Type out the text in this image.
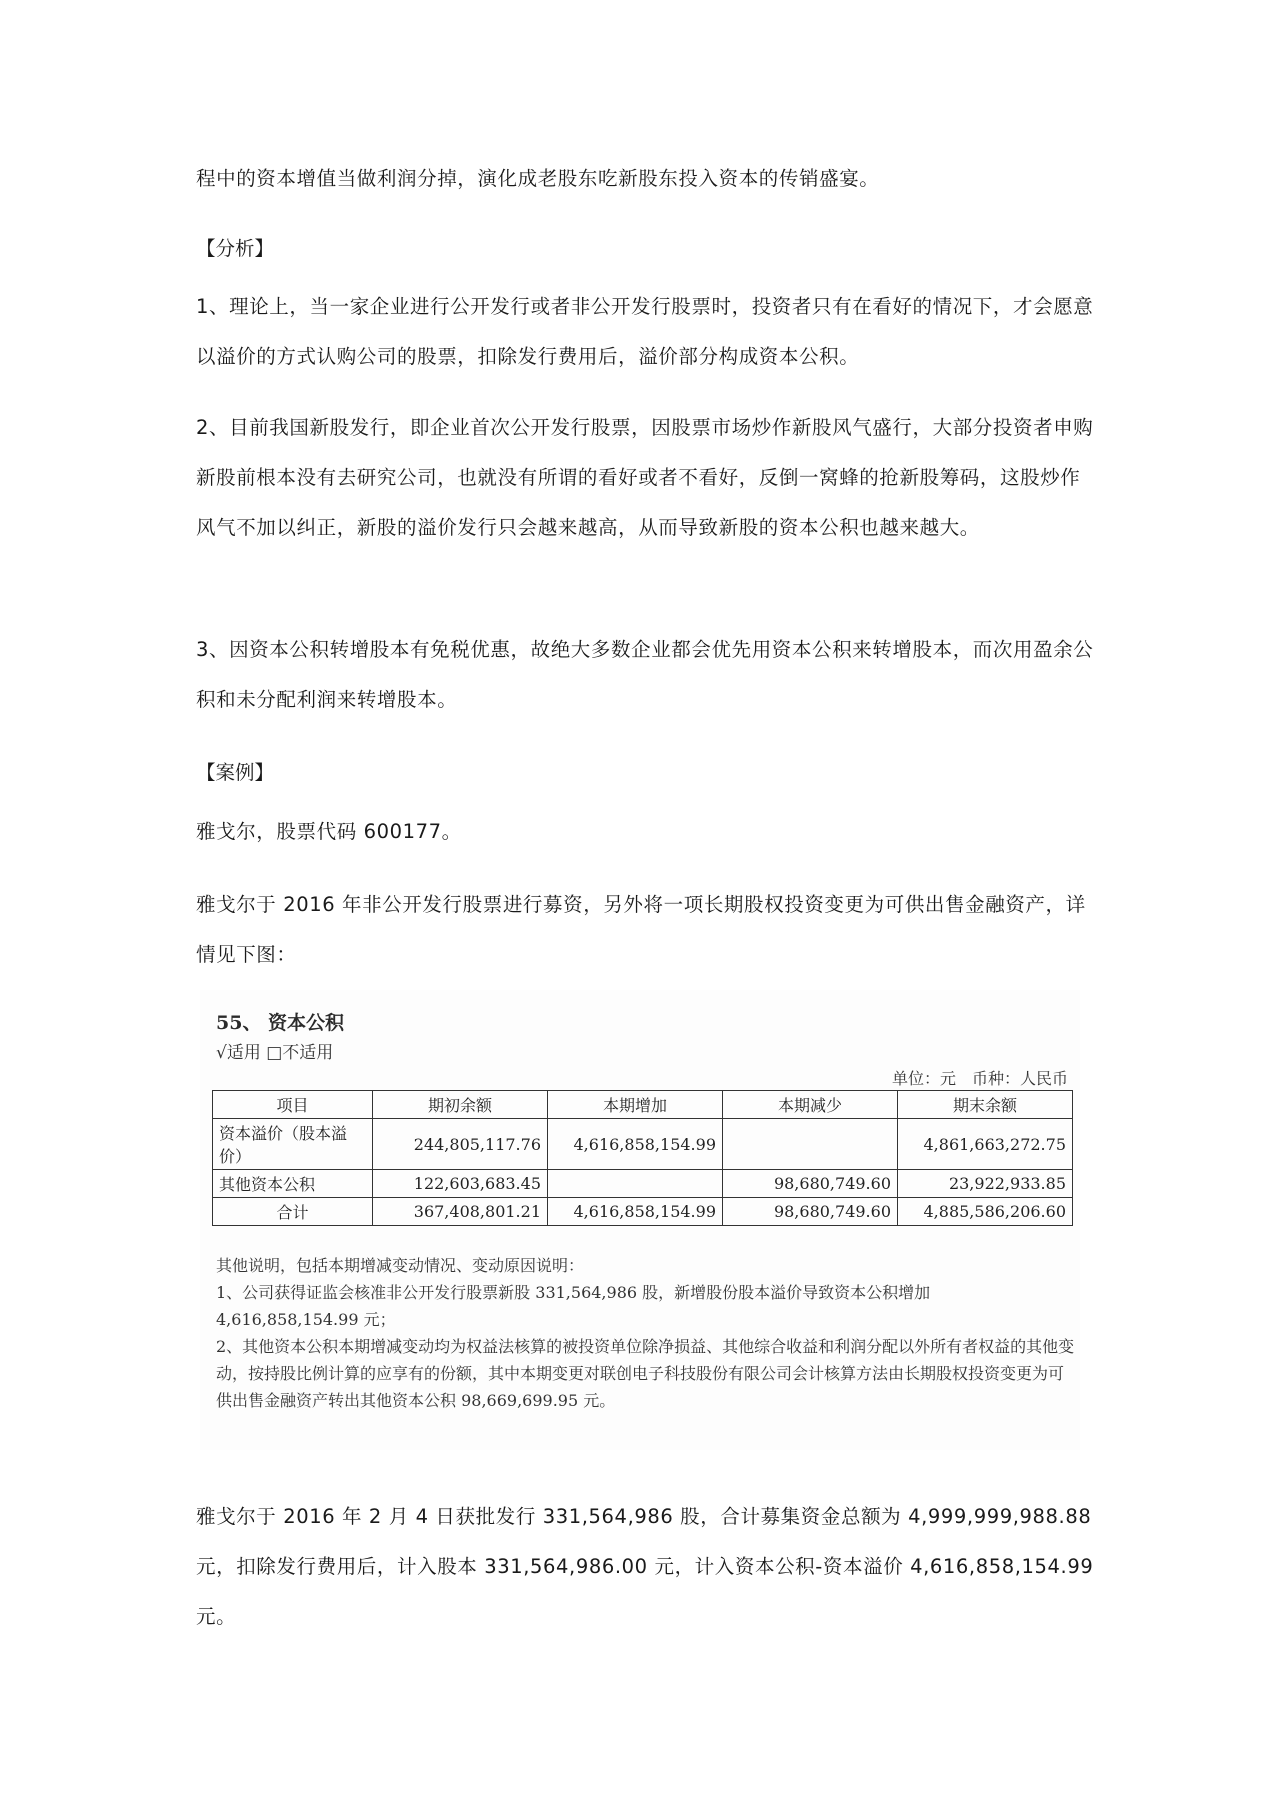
程中的资本增值当做利润分掉，演化成老股东吃新股东投入资本的传销盛宴。

【分析】

1、理论上，当一家企业进行公开发行或者非公开发行股票时，投资者只有在看好的情况下，才会愿意以溢价的方式认购公司的股票，扣除发行费用后，溢价部分构成资本公积。

2、目前我国新股发行，即企业首次公开发行股票，因股票市场炒作新股风气盛行，大部分投资者申购新股前根本没有去研究公司，也就没有所谓的看好或者不看好，反倒一窝蜂的抢新股筹码，这股炒作风气不加以纠正，新股的溢价发行只会越来越高，从而导致新股的资本公积也越来越大。

3、因资本公积转增股本有免税优惠，故绝大多数企业都会优先用资本公积来转增股本，而次用盈余公积和未分配利润来转增股本。

【案例】

雅戈尔，股票代码 600177。

雅戈尔于 2016 年非公开发行股票进行募资，另外将一项长期股权投资变更为可供出售金融资产，详情见下图：

55、 资本公积
√适用 □不适用
单位：元　币种：人民币
项目	期初余额	本期增加	本期减少	期末余额
资本溢价（股本溢价）	244,805,117.76	4,616,858,154.99		4,861,663,272.75
其他资本公积	122,603,683.45		98,680,749.60	23,922,933.85
合计	367,408,801.21	4,616,858,154.99	98,680,749.60	4,885,586,206.60
其他说明，包括本期增减变动情况、变动原因说明：
1、公司获得证监会核准非公开发行股票新股 331,564,986 股，新增股份股本溢价导致资本公积增加 4,616,858,154.99 元；
2、其他资本公积本期增减变动均为权益法核算的被投资单位除净损益、其他综合收益和利润分配以外所有者权益的其他变动，按持股比例计算的应享有的份额，其中本期变更对联创电子科技股份有限公司会计核算方法由长期股权投资变更为可供出售金融资产转出其他资本公积 98,669,699.95 元。

雅戈尔于 2016 年 2 月 4 日获批发行 331,564,986 股，合计募集资金总额为 4,999,999,988.88 元，扣除发行费用后，计入股本 331,564,986.00 元，计入资本公积-资本溢价 4,616,858,154.99 元。
